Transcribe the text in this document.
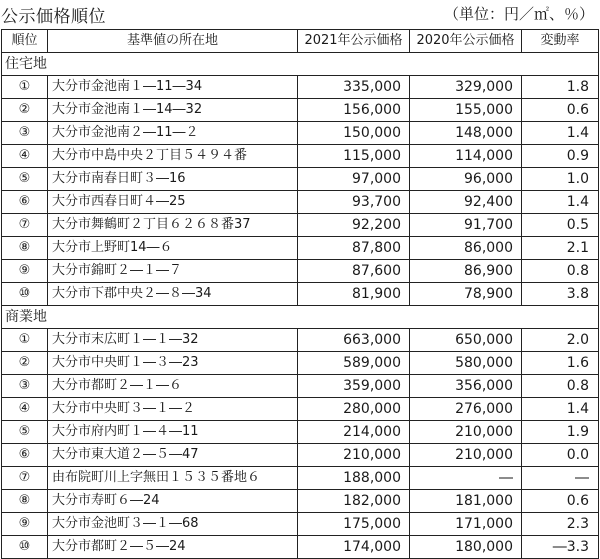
公示価格順位	（単位：円／㎡、％）
順位	基準値の所在地	2021年公示価格	2020年公示価格	変動率
住宅地				
①	大分市金池南１―11―34	335,000	329,000	1.8
②	大分市金池南１―14―32	156,000	155,000	0.6
③	大分市金池南２―11―２	150,000	148,000	1.4
④	大分市中島中央２丁目５４９４番	115,000	114,000	0.9
⑤	大分市南春日町３―16	97,000	96,000	1.0
⑥	大分市西春日町４―25	93,700	92,400	1.4
⑦	大分市舞鶴町２丁目６２６８番37	92,200	91,700	0.5
⑧	大分市上野町14―６	87,800	86,000	2.1
⑨	大分市錦町２―１―７	87,600	86,900	0.8
⑩	大分市下郡中央２―８―34	81,900	78,900	3.8
商業地				
①	大分市末広町１―１―32	663,000	650,000	2.0
②	大分市中央町１―３―23	589,000	580,000	1.6
③	大分市都町２―１―６	359,000	356,000	0.8
④	大分市中央町３―１―２	280,000	276,000	1.4
⑤	大分市府内町１―４―11	214,000	210,000	1.9
⑥	大分市東大道２―５―47	210,000	210,000	0.0
⑦	由布院町川上字無田１５３５番地６	188,000	―	―
⑧	大分市寿町６―24	182,000	181,000	0.6
⑨	大分市金池町３―１―68	175,000	171,000	2.3
⑩	大分市都町２―５―24	174,000	180,000	―3.3
